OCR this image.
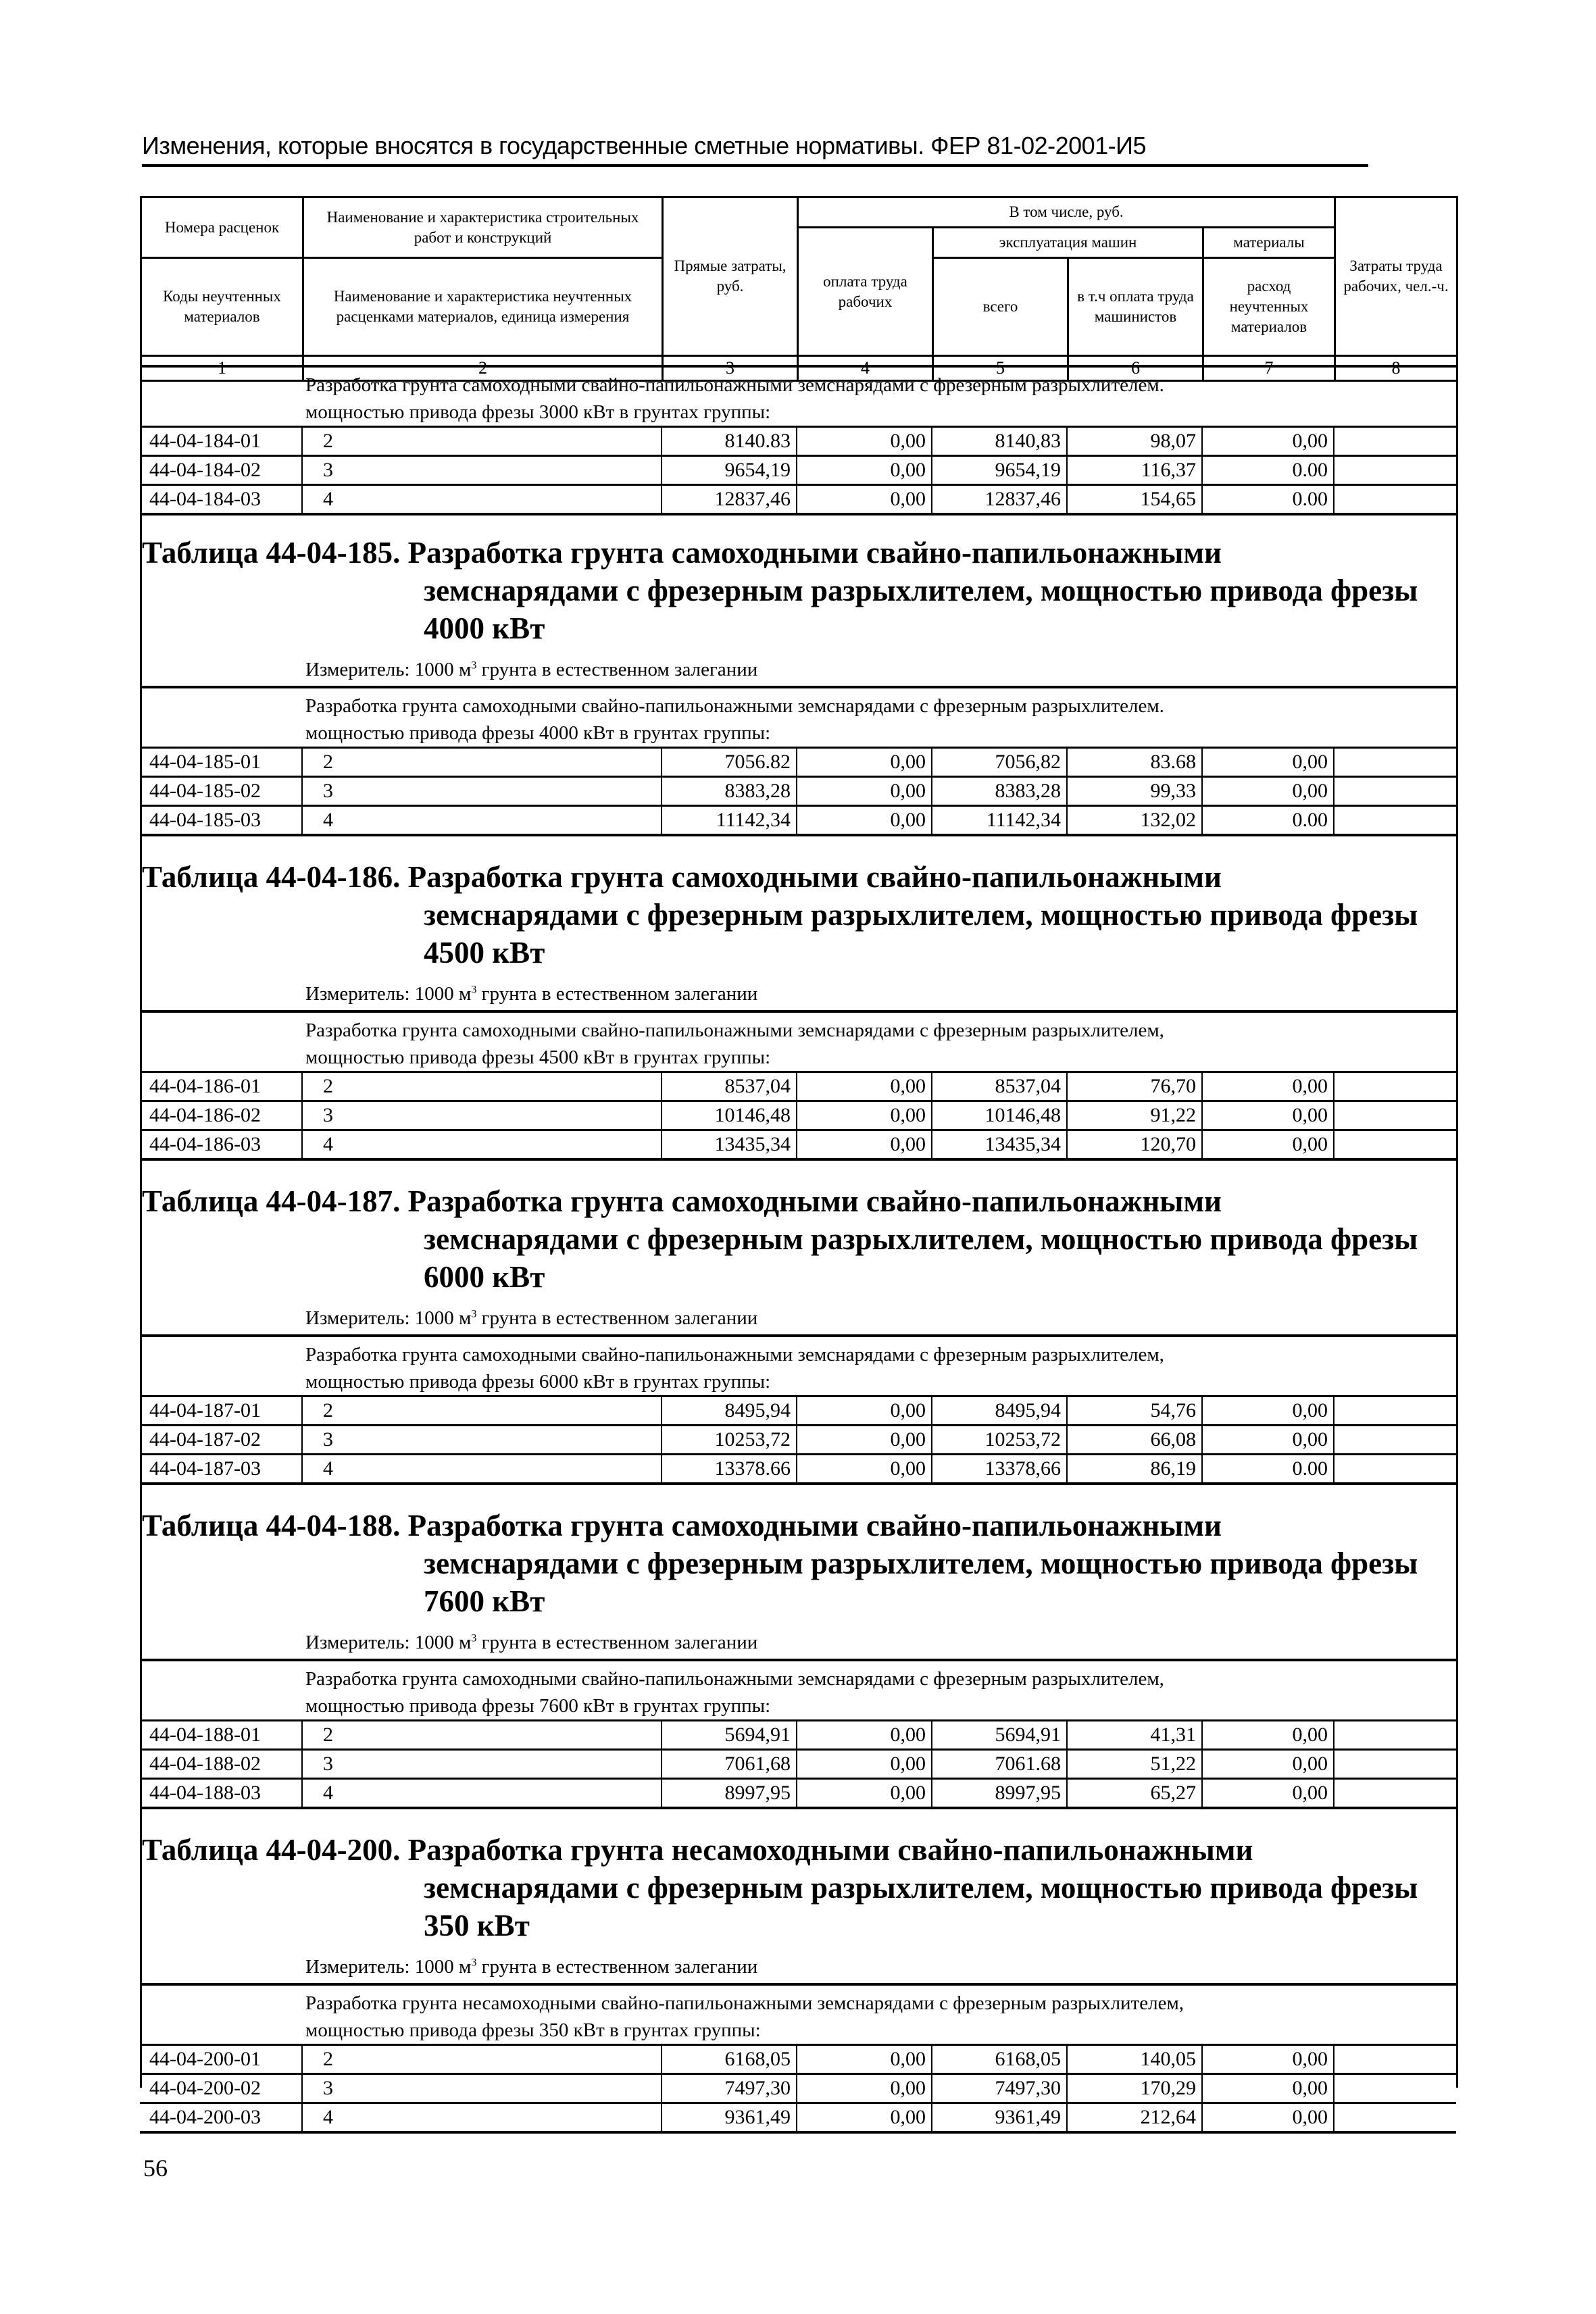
Изменения, которые вносятся в государственные сметные нормативы. ФЕР 81-02-2001-И5
Номера расценок	Наименование и характеристика строительных работ и конструкций	Прямые затраты, руб.	В том числе, руб.				Затраты труда рабочих, чел.-ч.
			оплата труда рабочих	эксплуатация машин		материалы	
Коды неучтенных материалов	Наименование и характеристика неучтенных расценками материалов, единица измерения			всего	в т.ч оплата труда машинистов	расход неучтенных материалов	

1	2	3	4	5	6	7	8
Разработка грунта самоходными свайно-папильонажными земснарядами с фрезерным разрыхлителем.
мощностью привода фрезы 3000 кВт в грунтах группы:
44-04-184-01	2	8140.83	0,00	8140,83	98,07	0,00	
44-04-184-02	3	9654,19	0,00	9654,19	116,37	0.00	
44-04-184-03	4	12837,46	0,00	12837,46	154,65	0.00	
Таблица 44-04-185. Разработка грунта самоходными свайно-папильонажными
земснарядами с фрезерным разрыхлителем, мощностью привода фрезы 4000 кВт
Измеритель: 1000 $м^3$ грунта в естественном залегании
Разработка грунта самоходными свайно-папильонажными земснарядами с фрезерным разрыхлителем.
мощностью привода фрезы 4000 кВт в грунтах группы:
44-04-185-01	2	7056.82	0,00	7056,82	83.68	0,00	
44-04-185-02	3	8383,28	0,00	8383,28	99,33	0,00	
44-04-185-03	4	11142,34	0,00	11142,34	132,02	0.00	
Таблица 44-04-186. Разработка грунта самоходными свайно-папильонажными
земснарядами с фрезерным разрыхлителем, мощностью привода фрезы 4500 кВт
Измеритель: 1000 $м^3$ грунта в естественном залегании
Разработка грунта самоходными свайно-папильонажными земснарядами с фрезерным разрыхлителем,
мощностью привода фрезы 4500 кВт в грунтах группы:
44-04-186-01	2	8537,04	0,00	8537,04	76,70	0,00	
44-04-186-02	3	10146,48	0,00	10146,48	91,22	0,00	
44-04-186-03	4	13435,34	0,00	13435,34	120,70	0,00	
Таблица 44-04-187. Разработка грунта самоходными свайно-папильонажными
земснарядами с фрезерным разрыхлителем, мощностью привода фрезы 6000 кВт
Измеритель: 1000 $м^3$ грунта в естественном залегании
Разработка грунта самоходными свайно-папильонажными земснарядами с фрезерным разрыхлителем,
мощностью привода фрезы 6000 кВт в грунтах группы:
44-04-187-01	2	8495,94	0,00	8495,94	54,76	0,00	
44-04-187-02	3	10253,72	0,00	10253,72	66,08	0,00	
44-04-187-03	4	13378.66	0,00	13378,66	86,19	0.00	
Таблица 44-04-188. Разработка грунта самоходными свайно-папильонажными
земснарядами с фрезерным разрыхлителем, мощностью привода фрезы 7600 кВт
Измеритель: 1000 $м^3$ грунта в естественном залегании
Разработка грунта самоходными свайно-папильонажными земснарядами с фрезерным разрыхлителем,
мощностью привода фрезы 7600 кВт в грунтах группы:
44-04-188-01	2	5694,91	0,00	5694,91	41,31	0,00	
44-04-188-02	3	7061,68	0,00	7061.68	51,22	0,00	
44-04-188-03	4	8997,95	0,00	8997,95	65,27	0,00	
Таблица 44-04-200. Разработка грунта несамоходными свайно-папильонажными
земснарядами с фрезерным разрыхлителем, мощностью привода фрезы 350 кВт
Измеритель: 1000 $м^3$ грунта в естественном залегании
Разработка грунта несамоходными свайно-папильонажными земснарядами с фрезерным разрыхлителем,
мощностью привода фрезы 350 кВт в грунтах группы:
44-04-200-01	2	6168,05	0,00	6168,05	140,05	0,00	
44-04-200-02	3	7497,30	0,00	7497,30	170,29	0,00	
44-04-200-03	4	9361,49	0,00	9361,49	212,64	0,00	
56
